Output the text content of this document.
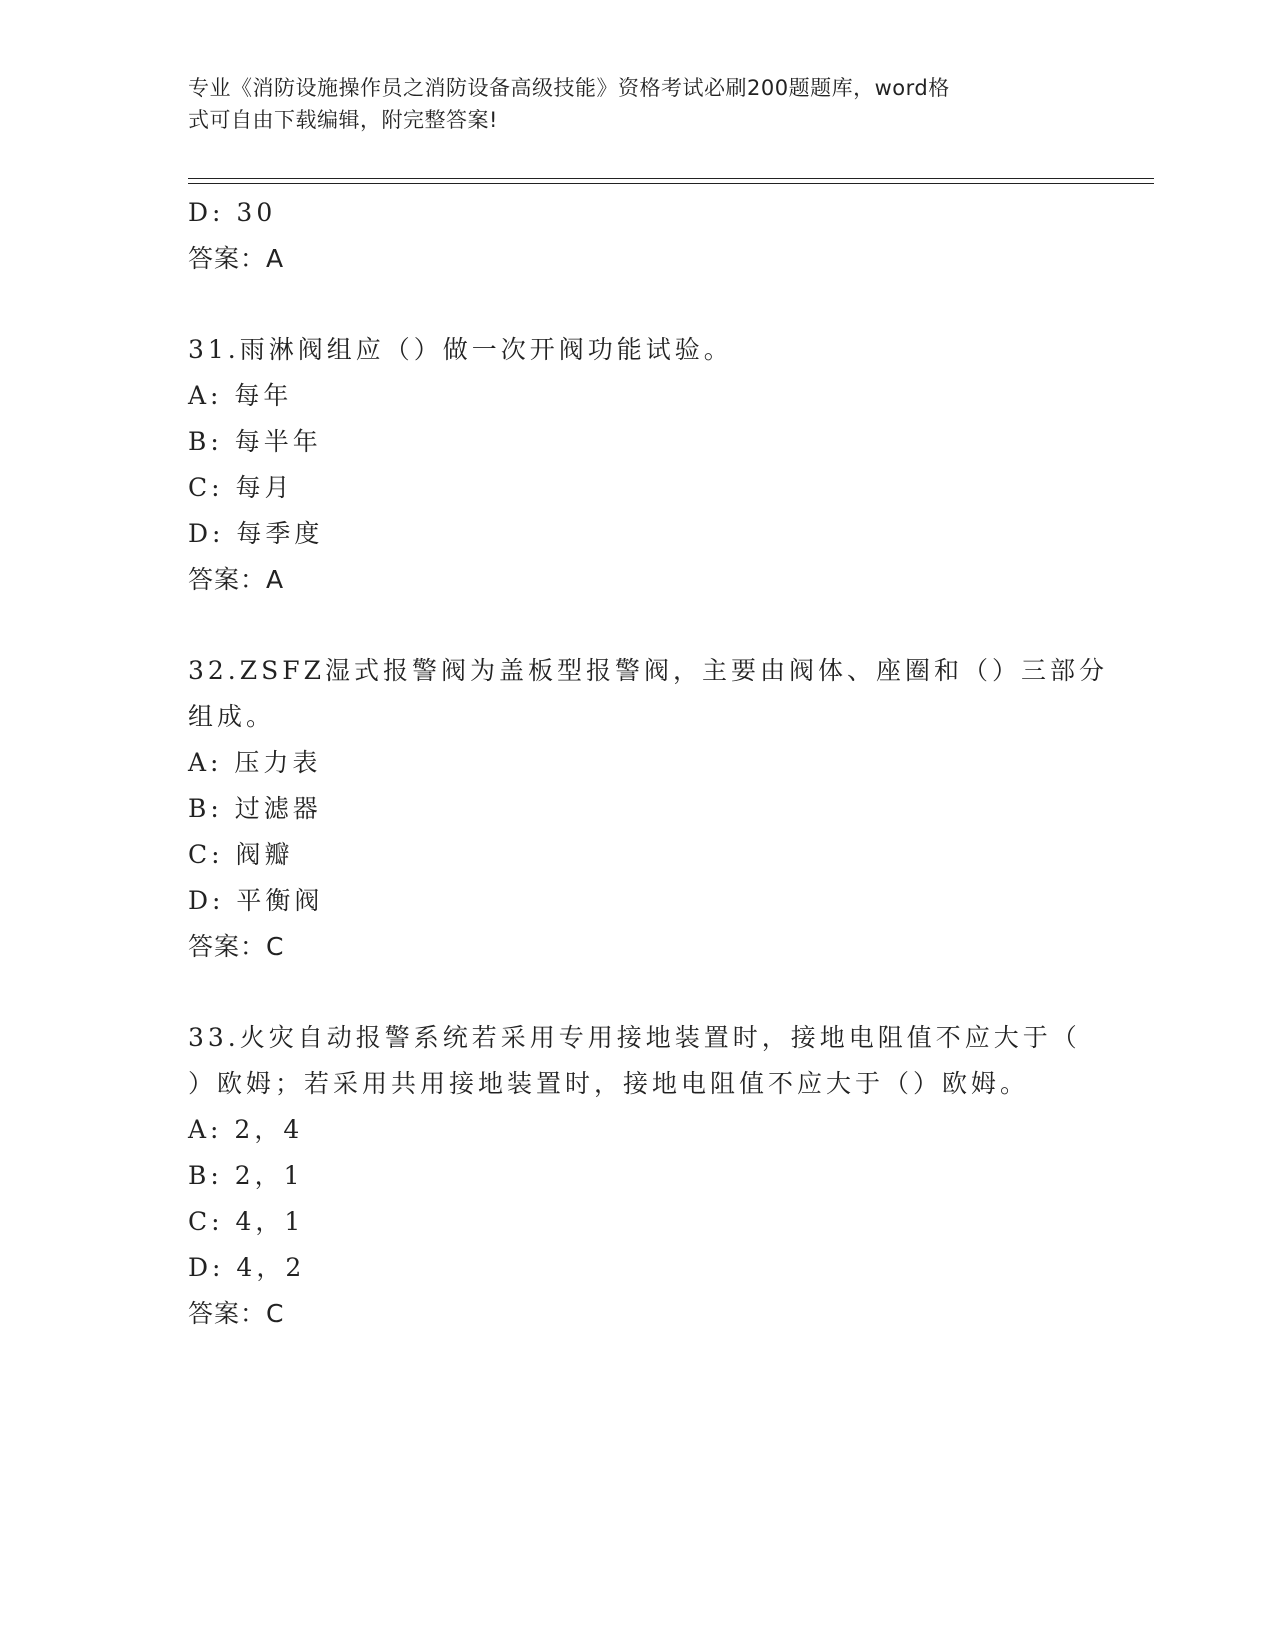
专业《消防设施操作员之消防设备高级技能》资格考试必刷200题题库，word格
式可自由下载编辑，附完整答案!
D: 30
答案：A
31.雨淋阀组应（）做一次开阀功能试验。
A: 每年
B: 每半年
C: 每月
D: 每季度
答案：A
32.ZSFZ湿式报警阀为盖板型报警阀，主要由阀体、座圈和（）三部分
组成。
A: 压力表
B: 过滤器
C: 阀瓣
D: 平衡阀
答案：C
33.火灾自动报警系统若采用专用接地装置时，接地电阻值不应大于（
）欧姆；若采用共用接地装置时，接地电阻值不应大于（）欧姆。
A: 2，4
B: 2，1
C: 4，1
D: 4，2
答案：C
